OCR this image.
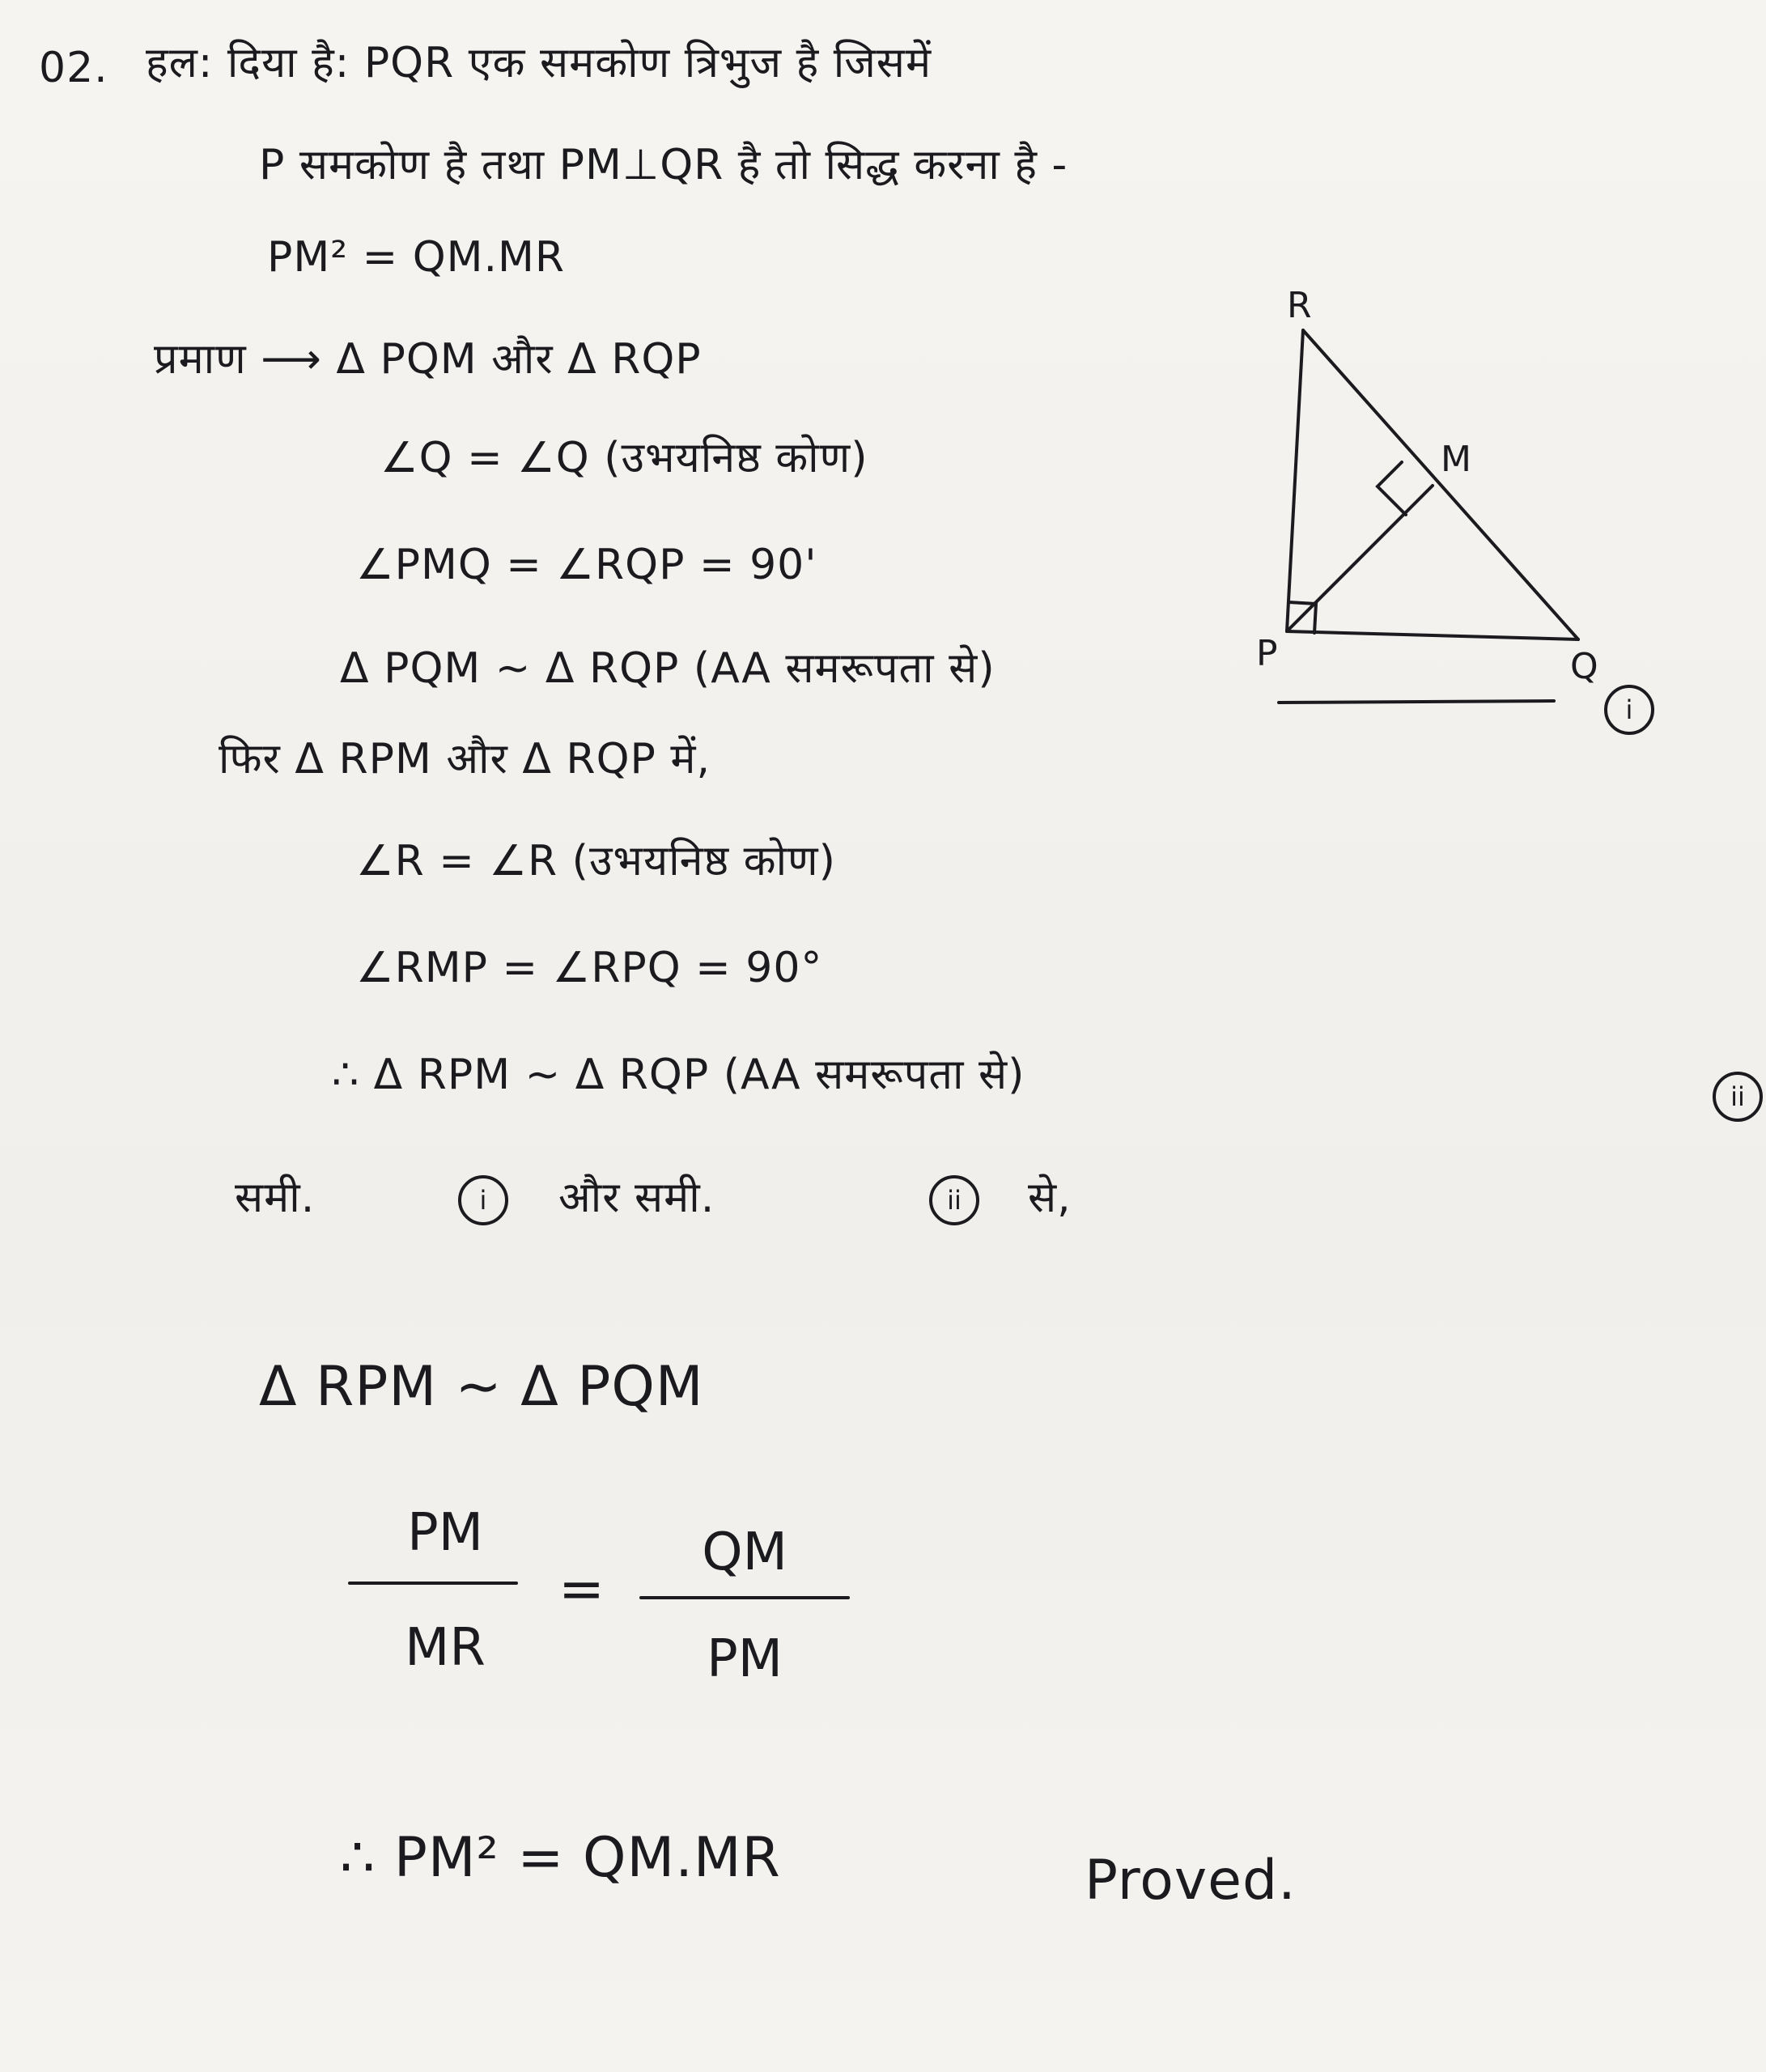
02. हल: दिया है: PQR एक समकोण त्रिभुज है जिसमें
P समकोण है तथा PM⊥QR है तो सिद्ध करना है -
PM² = QM.MR
प्रमाण ⟶ Δ PQM और Δ RQP
∠Q = ∠Q (उभयनिष्ठ कोण)
∠PMQ = ∠RQP = 90'
Δ PQM ∼ Δ RQP (AA समरूपता से)
i
फिर Δ RPM और Δ RQP में,
∠R = ∠R (उभयनिष्ठ कोण)
∠RMP = ∠RPQ = 90°
∴ Δ RPM ∼ Δ RQP (AA समरूपता से)	ii
समी.	i	और समी.	ii	से,
Δ RPM ∼ Δ PQM
PM
MR
=
QM
PM
∴ PM² = QM.MR	Proved.
R
M
P	Q
